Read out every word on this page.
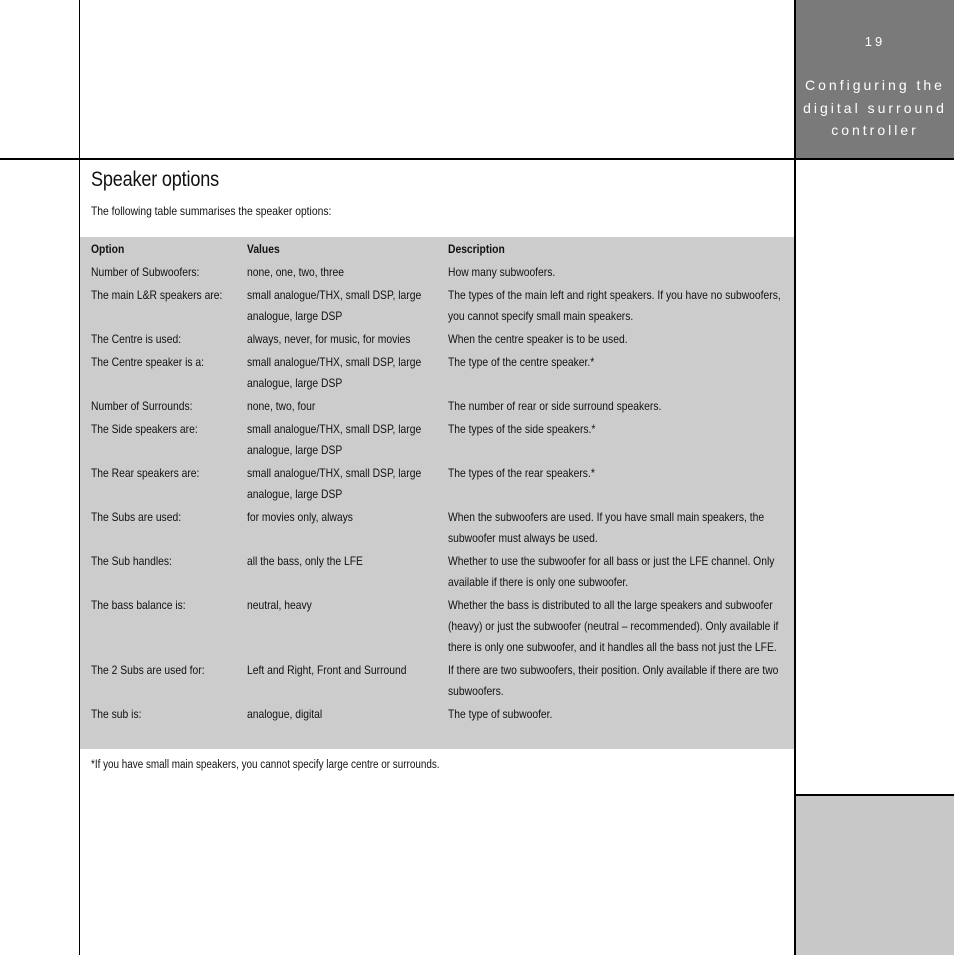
19
Configuring the
digital surround
controller
Speaker options

The following table summarises the speaker options:

Option	Values	Description

Number of Subwoofers:	none, one, two, three	How many subwoofers.

The main L&R speakers are:	small analogue/THX, small DSP, large analogue, large DSP	The types of the main left and right speakers. If you have no subwoofers, you cannot specify small main speakers.

The Centre is used:	always, never, for music, for movies	When the centre speaker is to be used.

The Centre speaker is a:	small analogue/THX, small DSP, large analogue, large DSP	The type of the centre speaker.*

Number of Surrounds:	none, two, four	The number of rear or side surround speakers.

The Side speakers are:	small analogue/THX, small DSP, large analogue, large DSP	The types of the side speakers.*

The Rear speakers are:	small analogue/THX, small DSP, large analogue, large DSP	The types of the rear speakers.*

The Subs are used:	for movies only, always	When the subwoofers are used. If you have small main speakers, the subwoofer must always be used.

The Sub handles:	all the bass, only the LFE	Whether to use the subwoofer for all bass or just the LFE channel. Only available if there is only one subwoofer.

The bass balance is:	neutral, heavy	Whether the bass is distributed to all the large speakers and subwoofer (heavy) or just the subwoofer (neutral – recommended). Only available if there is only one subwoofer, and it handles all the bass not just the LFE.

The 2 Subs are used for:	Left and Right, Front and Surround	If there are two subwoofers, their position. Only available if there are two subwoofers.

The sub is:	analogue, digital	The type of subwoofer.

*If you have small main speakers, you cannot specify large centre or surrounds.
